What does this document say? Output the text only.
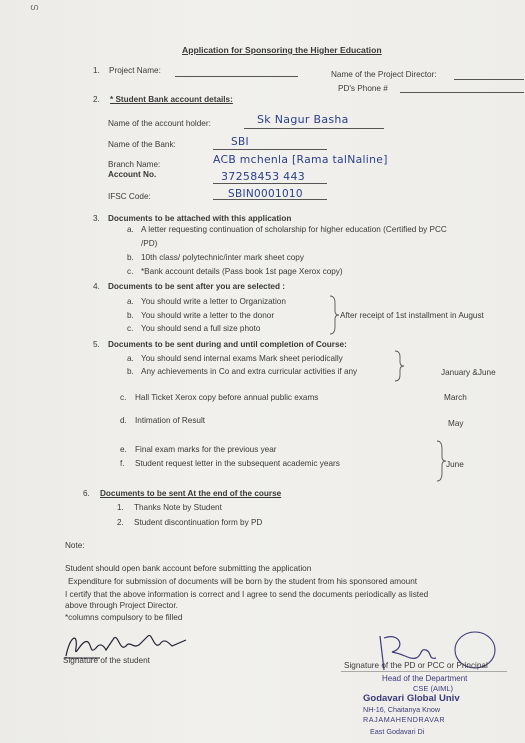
ഗ
Application for Sponsoring the Higher Education
1. Project Name:	Name of the Project Director:
PD's Phone #
2. * Student Bank account details:
Name of the account holder:	Sk Nagur Basha
Name of the Bank:	SBI
Branch Name:	ACB mchenla [Rama talNaline]
Account No.	37258453 443
IFSC Code:	SBIN0001010
3. Documents to be attached with this application
a. A letter requesting continuation of scholarship for higher education (Certified by PCC
/PD)
b. 10th class/ polytechnic/inter mark sheet copy
c. *Bank account details (Pass book 1st page Xerox copy)
4. Documents to be sent after you are selected :
a. You should write a letter to Organization
b. You should write a letter to the donor
c. You should send a full size photo
After receipt of 1st installment in August
5. Documents to be sent during and until completion of Course:
a. You should send internal exams Mark sheet periodically
b. Any achievements in Co and extra curricular activities if any	January &June
c. Hall Ticket Xerox copy before annual public exams	March
d. Intimation of Result	May
e. Final exam marks for the previous year
f. Student request letter in the subsequent academic years	June
6. Documents to be sent At the end of the course
1. Thanks Note by Student
2. Student discontinuation form by PD
Note:
Student should open bank account before submitting the application
Expenditure for submission of documents will be born by the student from his sponsored amount
I certify that the above information is correct and I agree to send the documents periodically as listed
above through Project Director.
*columns compulsory to be filled
Signature of the student
Signature of the PD or PCC or Principal
Head of the Department
CSE (AIML)
Godavari Global Univ
NH-16, Chaitanya Know
RAJAMAHENDRAVAR
East Godavari Di
